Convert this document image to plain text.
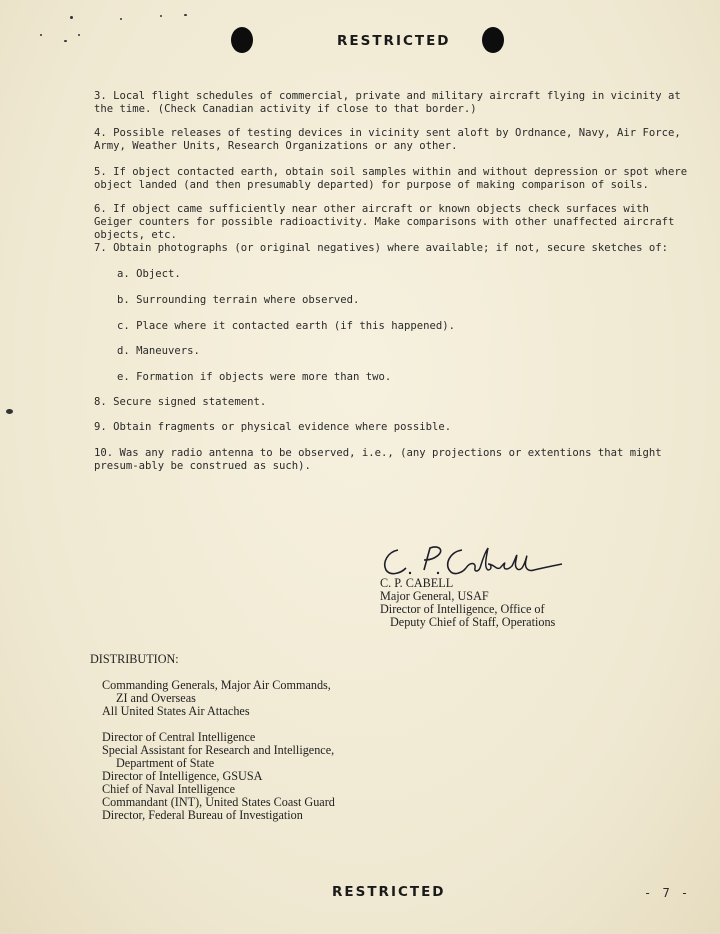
RESTRICTED
3. Local flight schedules of commercial, private and military aircraft flying in vicinity at the time. (Check Canadian activity if close to that border.)
4. Possible releases of testing devices in vicinity sent aloft by Ordnance, Navy, Air Force, Army, Weather Units, Research Organizations or any other.
5. If object contacted earth, obtain soil samples within and without depression or spot where object landed (and then presumably departed) for purpose of making comparison of soils.
6. If object came sufficiently near other aircraft or known objects check surfaces with Geiger counters for possible radioactivity. Make comparisons with other unaffected aircraft objects, etc.
7. Obtain photographs (or original negatives) where available; if not, secure sketches of:
a. Object.
b. Surrounding terrain where observed.
c. Place where it contacted earth (if this happened).
d. Maneuvers.
e. Formation if objects were more than two.
8. Secure signed statement.
9. Obtain fragments or physical evidence where possible.
10. Was any radio antenna to be observed, i.e., (any projections or extentions that might presum-ably be construed as such).
C. P. CABELL
Major General, USAF
Director of Intelligence, Office of
Deputy Chief of Staff, Operations
DISTRIBUTION:
Commanding Generals, Major Air Commands,
ZI and Overseas
All United States Air Attaches
Director of Central Intelligence
Special Assistant for Research and Intelligence,
Department of State
Director of Intelligence, GSUSA
Chief of Naval Intelligence
Commandant (INT), United States Coast Guard
Director, Federal Bureau of Investigation
RESTRICTED	- 7 -
